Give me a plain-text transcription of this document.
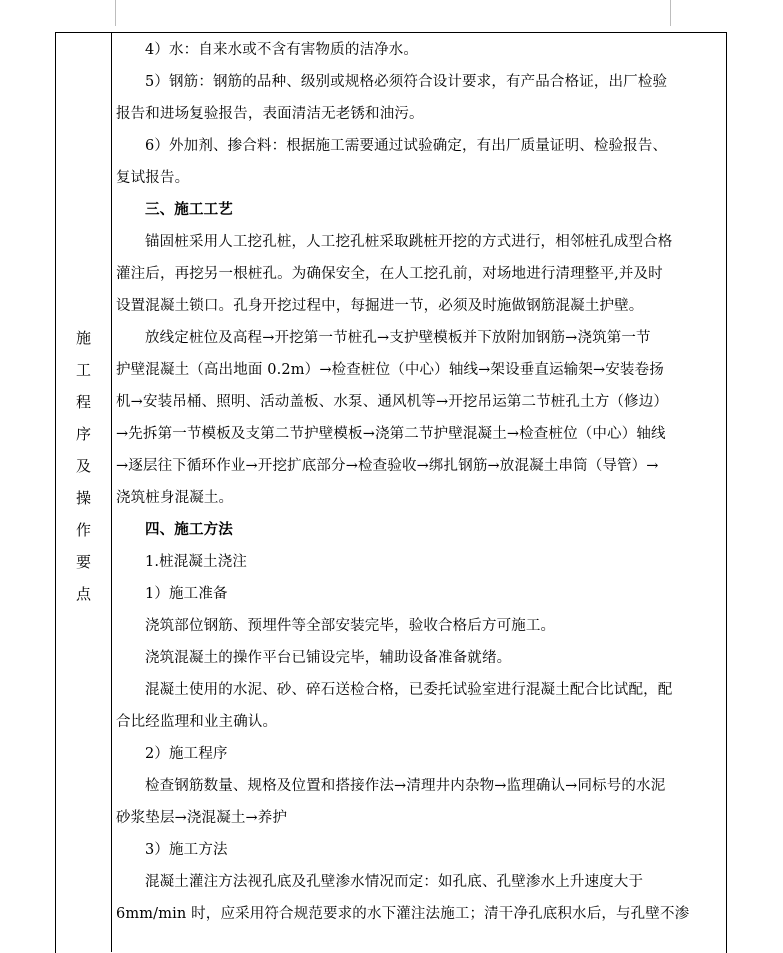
施
工
程
序
及
操
作
要
点

4）水：自来水或不含有害物质的洁净水。

5）钢筋：钢筋的品种、级别或规格必须符合设计要求，有产品合格证，出厂检验

报告和进场复验报告，表面清洁无老锈和油污。

6）外加剂、掺合料：根据施工需要通过试验确定，有出厂质量证明、检验报告、

复试报告。

三、施工工艺

锚固桩采用人工挖孔桩，人工挖孔桩采取跳桩开挖的方式进行，相邻桩孔成型合格

灌注后，再挖另一根桩孔。为确保安全，在人工挖孔前，对场地进行清理整平,并及时

设置混凝土锁口。孔身开挖过程中，每掘进一节，必须及时施做钢筋混凝土护壁。

放线定桩位及高程→开挖第一节桩孔→支护壁模板并下放附加钢筋→浇筑第一节

护壁混凝土（高出地面 0.2m）→检查桩位（中心）轴线→架设垂直运输架→安装卷扬

机→安装吊桶、照明、活动盖板、水泵、通风机等→开挖吊运第二节桩孔土方（修边）

→先拆第一节模板及支第二节护壁模板→浇第二节护壁混凝土→检查桩位（中心）轴线

→逐层往下循环作业→开挖扩底部分→检查验收→绑扎钢筋→放混凝土串筒（导管）→

浇筑桩身混凝土。

四、施工方法

1.桩混凝土浇注

1）施工准备

浇筑部位钢筋、预埋件等全部安装完毕，验收合格后方可施工。

浇筑混凝土的操作平台已铺设完毕，辅助设备准备就绪。

混凝土使用的水泥、砂、碎石送检合格，已委托试验室进行混凝土配合比试配，配

合比经监理和业主确认。

2）施工程序

检查钢筋数量、规格及位置和搭接作法→清理井内杂物→监理确认→同标号的水泥

砂浆垫层→浇混凝土→养护

3）施工方法

混凝土灌注方法视孔底及孔壁渗水情况而定：如孔底、孔壁渗水上升速度大于

6mm/min 时，应采用符合规范要求的水下灌注法施工；清干净孔底积水后，与孔壁不渗
